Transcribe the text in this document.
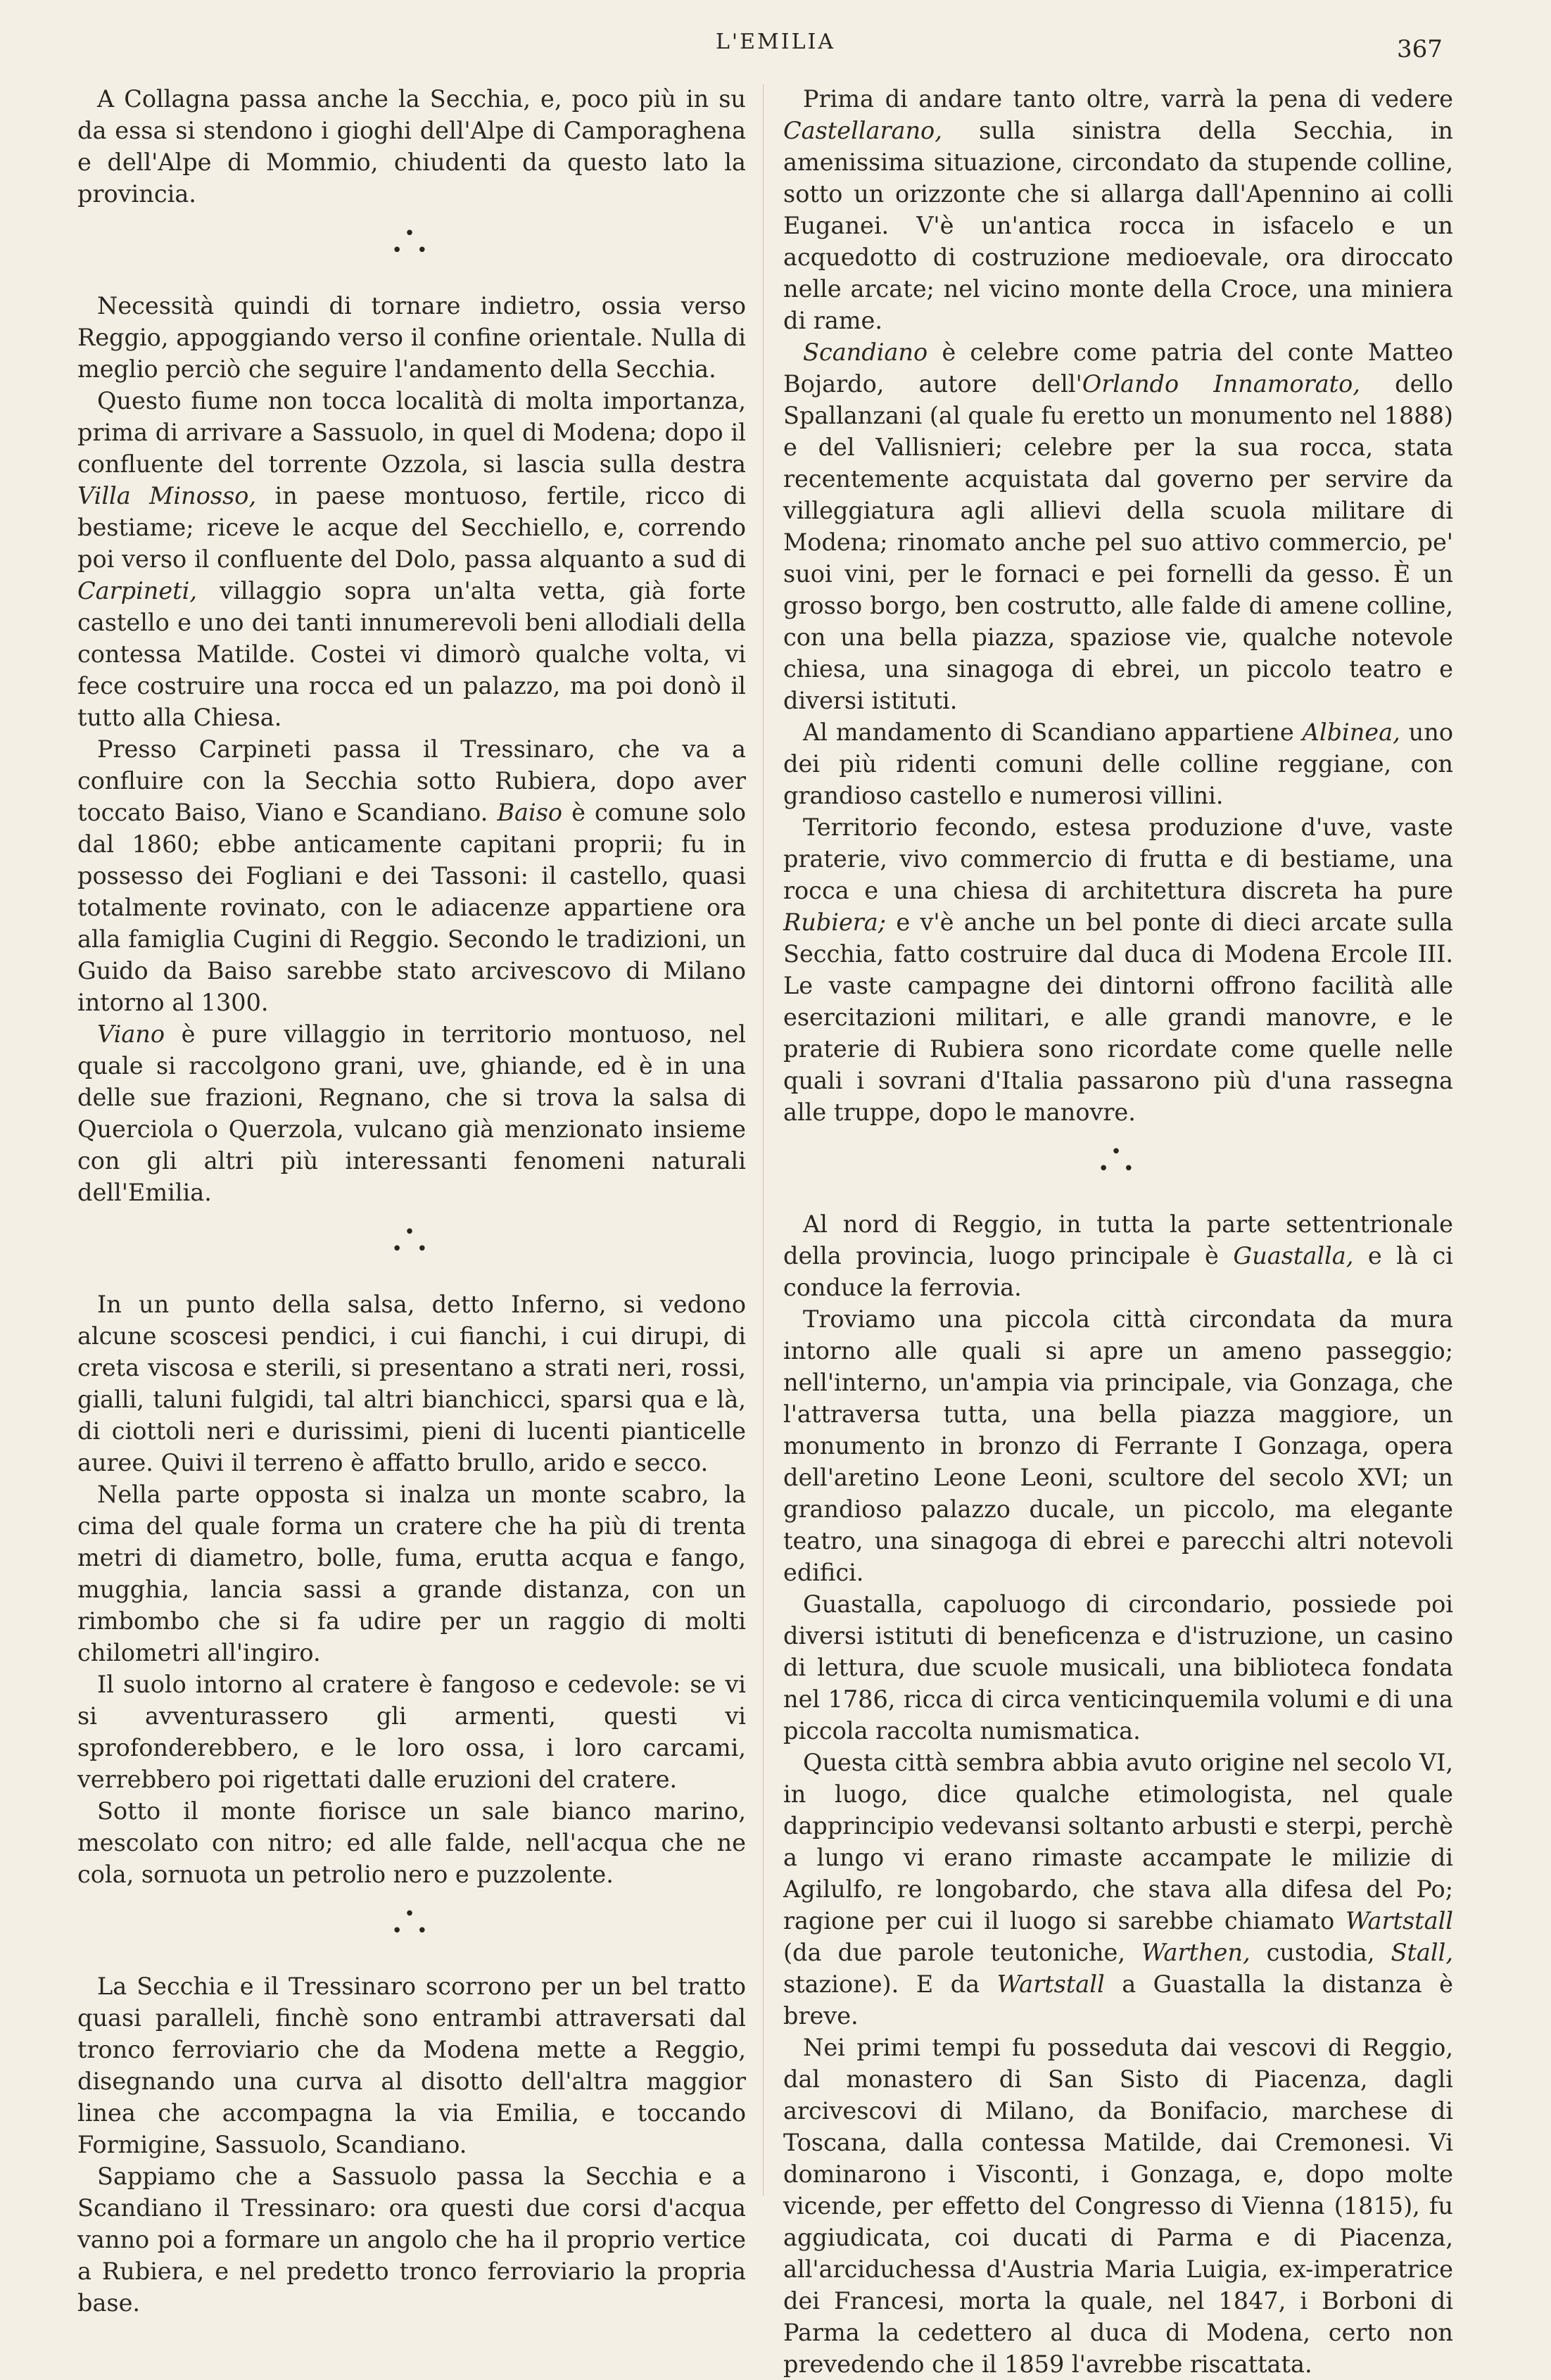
L'EMILIA	367

A Collagna passa anche la Secchia, e, poco più in su da essa si stendono i gioghi dell'Alpe di Camporaghena e dell'Alpe di Mommio, chiudenti da questo lato la provincia.

•
• •

Necessità quindi di tornare indietro, ossia verso Reggio, appoggiando verso il confine orientale. Nulla di meglio perciò che seguire l'andamento della Secchia.

Questo fiume non tocca località di molta importanza, prima di arrivare a Sassuolo, in quel di Modena; dopo il confluente del torrente Ozzola, si lascia sulla destra Villa Minosso, in paese montuoso, fertile, ricco di bestiame; riceve le acque del Secchiello, e, correndo poi verso il confluente del Dolo, passa alquanto a sud di Carpineti, villaggio sopra un'alta vetta, già forte castello e uno dei tanti innumerevoli beni allodiali della contessa Matilde. Costei vi dimorò qualche volta, vi fece costruire una rocca ed un palazzo, ma poi donò il tutto alla Chiesa.

Presso Carpineti passa il Tressinaro, che va a confluire con la Secchia sotto Rubiera, dopo aver toccato Baiso, Viano e Scandiano. Baiso è comune solo dal 1860; ebbe anticamente capitani proprii; fu in possesso dei Fogliani e dei Tassoni: il castello, quasi totalmente rovinato, con le adiacenze appartiene ora alla famiglia Cugini di Reggio. Secondo le tradizioni, un Guido da Baiso sarebbe stato arcivescovo di Milano intorno al 1300.

Viano è pure villaggio in territorio montuoso, nel quale si raccolgono grani, uve, ghiande, ed è in una delle sue frazioni, Regnano, che si trova la salsa di Querciola o Querzola, vulcano già menzionato insieme con gli altri più interessanti fenomeni naturali dell'Emilia.

•
• •

In un punto della salsa, detto Inferno, si vedono alcune scoscesi pendici, i cui fianchi, i cui dirupi, di creta viscosa e sterili, si presentano a strati neri, rossi, gialli, taluni fulgidi, tal altri bianchicci, sparsi qua e là, di ciottoli neri e durissimi, pieni di lucenti pianticelle auree. Quivi il terreno è affatto brullo, arido e secco.

Nella parte opposta si inalza un monte scabro, la cima del quale forma un cratere che ha più di trenta metri di diametro, bolle, fuma, erutta acqua e fango, mugghia, lancia sassi a grande distanza, con un rimbombo che si fa udire per un raggio di molti chilometri all'ingiro.

Il suolo intorno al cratere è fangoso e cedevole: se vi si avventurassero gli armenti, questi vi sprofonderebbero, e le loro ossa, i loro carcami, verrebbero poi rigettati dalle eruzioni del cratere.

Sotto il monte fiorisce un sale bianco marino, mescolato con nitro; ed alle falde, nell'acqua che ne cola, sornuota un petrolio nero e puzzolente.

•
• •

La Secchia e il Tressinaro scorrono per un bel tratto quasi paralleli, finchè sono entrambi attraversati dal tronco ferroviario che da Modena mette a Reggio, disegnando una curva al disotto dell'altra maggior linea che accompagna la via Emilia, e toccando Formigine, Sassuolo, Scandiano.

Sappiamo che a Sassuolo passa la Secchia e a Scandiano il Tressinaro: ora questi due corsi d'acqua vanno poi a formare un angolo che ha il proprio vertice a Rubiera, e nel predetto tronco ferroviario la propria base.

Prima di andare tanto oltre, varrà la pena di vedere Castellarano, sulla sinistra della Secchia, in amenissima situazione, circondato da stupende colline, sotto un orizzonte che si allarga dall'Apennino ai colli Euganei. V'è un'antica rocca in isfacelo e un acquedotto di costruzione medioevale, ora diroccato nelle arcate; nel vicino monte della Croce, una miniera di rame.

Scandiano è celebre come patria del conte Matteo Bojardo, autore dell'Orlando Innamorato, dello Spallanzani (al quale fu eretto un monumento nel 1888) e del Vallisnieri; celebre per la sua rocca, stata recentemente acquistata dal governo per servire da villeggiatura agli allievi della scuola militare di Modena; rinomato anche pel suo attivo commercio, pe' suoi vini, per le fornaci e pei fornelli da gesso. È un grosso borgo, ben costrutto, alle falde di amene colline, con una bella piazza, spaziose vie, qualche notevole chiesa, una sinagoga di ebrei, un piccolo teatro e diversi istituti.

Al mandamento di Scandiano appartiene Albinea, uno dei più ridenti comuni delle colline reggiane, con grandioso castello e numerosi villini.

Territorio fecondo, estesa produzione d'uve, vaste praterie, vivo commercio di frutta e di bestiame, una rocca e una chiesa di architettura discreta ha pure Rubiera; e v'è anche un bel ponte di dieci arcate sulla Secchia, fatto costruire dal duca di Modena Ercole III. Le vaste campagne dei dintorni offrono facilità alle esercitazioni militari, e alle grandi manovre, e le praterie di Rubiera sono ricordate come quelle nelle quali i sovrani d'Italia passarono più d'una rassegna alle truppe, dopo le manovre.

•
• •

Al nord di Reggio, in tutta la parte settentrionale della provincia, luogo principale è Guastalla, e là ci conduce la ferrovia.

Troviamo una piccola città circondata da mura intorno alle quali si apre un ameno passeggio; nell'interno, un'ampia via principale, via Gonzaga, che l'attraversa tutta, una bella piazza maggiore, un monumento in bronzo di Ferrante I Gonzaga, opera dell'aretino Leone Leoni, scultore del secolo XVI; un grandioso palazzo ducale, un piccolo, ma elegante teatro, una sinagoga di ebrei e parecchi altri notevoli edifici.

Guastalla, capoluogo di circondario, possiede poi diversi istituti di beneficenza e d'istruzione, un casino di lettura, due scuole musicali, una biblioteca fondata nel 1786, ricca di circa venticinquemila volumi e di una piccola raccolta numismatica.

Questa città sembra abbia avuto origine nel secolo VI, in luogo, dice qualche etimologista, nel quale dapprincipio vedevansi soltanto arbusti e sterpi, perchè a lungo vi erano rimaste accampate le milizie di Agilulfo, re longobardo, che stava alla difesa del Po; ragione per cui il luogo si sarebbe chiamato Wartstall (da due parole teutoniche, Warthen, custodia, Stall, stazione). E da Wartstall a Guastalla la distanza è breve.

Nei primi tempi fu posseduta dai vescovi di Reggio, dal monastero di San Sisto di Piacenza, dagli arcivescovi di Milano, da Bonifacio, marchese di Toscana, dalla contessa Matilde, dai Cremonesi. Vi dominarono i Visconti, i Gonzaga, e, dopo molte vicende, per effetto del Congresso di Vienna (1815), fu aggiudicata, coi ducati di Parma e di Piacenza, all'arciduchessa d'Austria Maria Luigia, ex-imperatrice dei Francesi, morta la quale, nel 1847, i Borboni di Parma la cedettero al duca di Modena, certo non prevedendo che il 1859 l'avrebbe riscattata.
